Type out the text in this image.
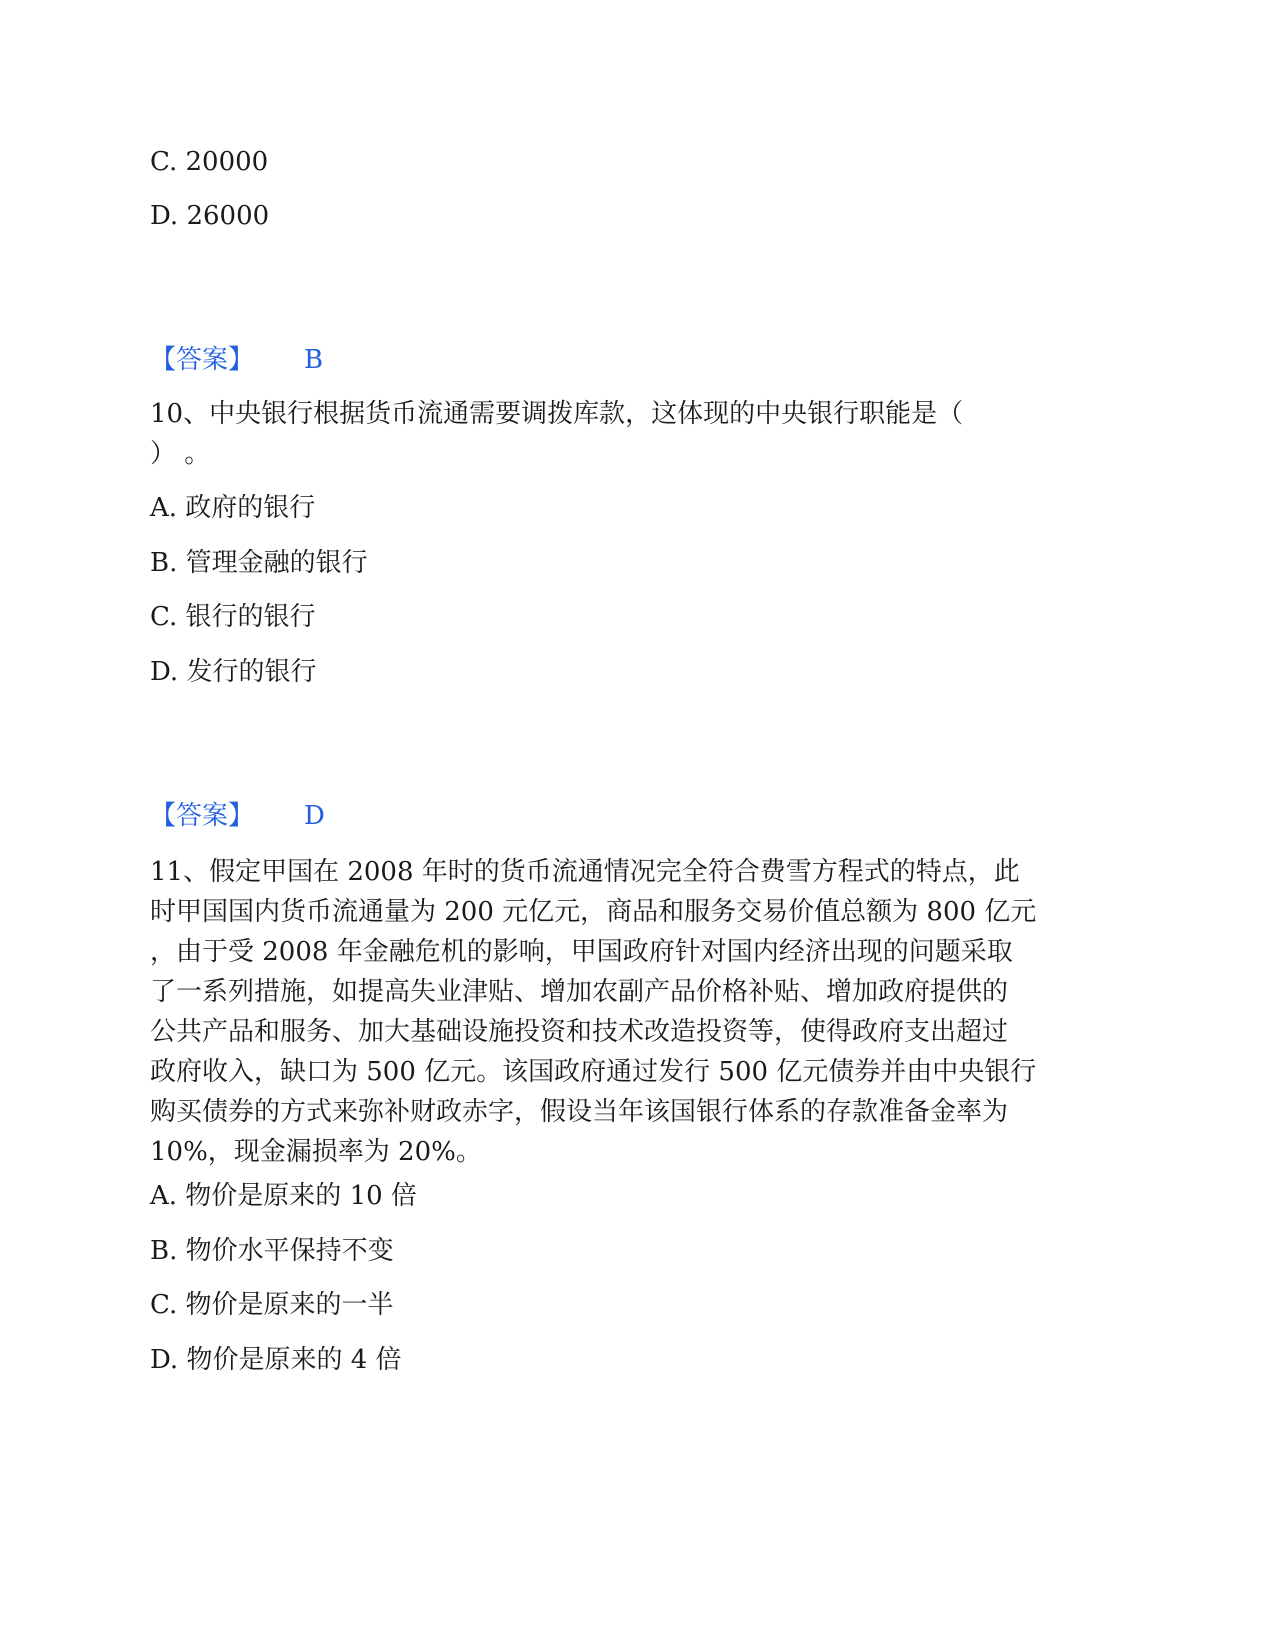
C. 20000
D. 26000
【答案】 B
10、中央银行根据货币流通需要调拨库款，这体现的中央银行职能是（
） 。
A. 政府的银行
B. 管理金融的银行
C. 银行的银行
D. 发行的银行
【答案】 D
11、假定甲国在 2008 年时的货币流通情况完全符合费雪方程式的特点，此
时甲国国内货币流通量为 200 元亿元，商品和服务交易价值总额为 800 亿元
，由于受 2008 年金融危机的影响，甲国政府针对国内经济出现的问题采取
了一系列措施，如提高失业津贴、增加农副产品价格补贴、增加政府提供的
公共产品和服务、加大基础设施投资和技术改造投资等，使得政府支出超过
政府收入，缺口为 500 亿元。该国政府通过发行 500 亿元债券并由中央银行
购买债券的方式来弥补财政赤字，假设当年该国银行体系的存款准备金率为
10%，现金漏损率为 20%。
A. 物价是原来的 10 倍
B. 物价水平保持不变
C. 物价是原来的一半
D. 物价是原来的 4 倍
